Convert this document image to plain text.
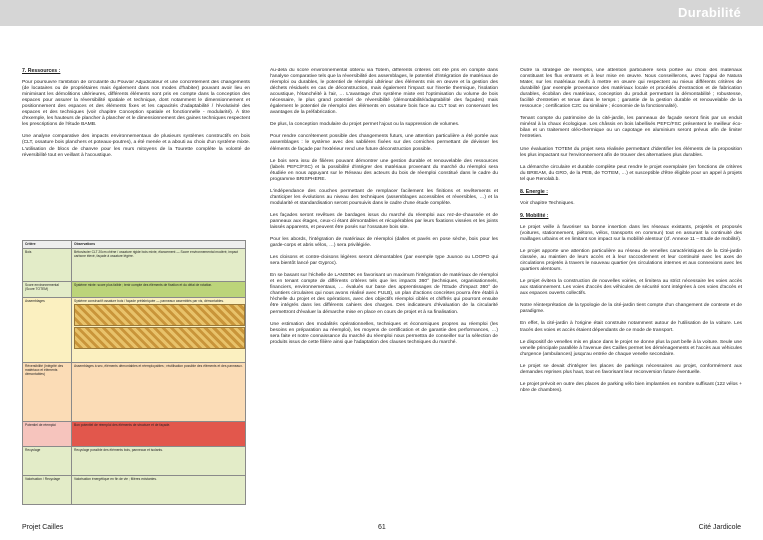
Durabilité
7. Ressources :

Pour poursuivre l'ambition de circularité du Pouvoir Adjudicateur et une concrétement des changements (de locataires ou de propriétaires mais également dans nos modes d'habiter) pouvant avoir lieu en minimisant les démolitions ultérieures, différents éléments sont pris en compte dans la conception des espaces pour assurer la réversibilité spatiale et technique, dont notamment le dimensionnement et positionnement des espaces et des éléments fixes et les capacités d'adaptabilité / l'évolutivité des espaces et des techniques (voir chapitre Conception spatiale et fonctionnelle - modularité). À titre d'exemple, les hauteurs de plancher à plancher et le dimensionnement des gaines techniques respectent les prescriptions de l'étude BAMB.

Une analyse comparative des impacts environnementaux de plusieurs systèmes constructifs en bois (CLT, ossature bois planchers et poteaux-poutres), a été menée et a abouti au choix d'un système mixte. L'utilisation de blocs de chanvre pour les murs mitoyens de la Tourette complète la volonté de réversibilité tout en veillant à l'acoustique.

Critère	Observations
Bois	Béton/acier CLT 20cm chêne / ossature rigide bois mixte, élancement — Score environnemental modéré, impact carbone élevé, façade à ossature légère.
Score environnemental (Score TOTEM)	Système mixte: score plus faible ; tenir compte des éléments de fixation et du délai de rotation.
Assemblages	Système constructif ossature bois / façade préfabriquée — panneaux assemblés par vis, démontables.

Réversibilité (Intégrité des matériaux et éléments démontables)	Assemblages à sec, éléments démontables et réemployables ; réutilisation possible des éléments et des panneaux.
Potentiel de réemploi	Bon potentiel de réemploi des éléments de structure et de façade.
Recyclage	Recyclage possible des éléments bois, panneaux et isolants.
Valorisation / Recyclage	Valorisation énergétique en fin de vie ; filières existantes.

Au-delà du score environnemental obtenu via Totem, différents critères ont été pris en compte dans l'analyse comparative tels que la réversibilité des assemblages, le potentiel d'intégration de matériaux de réemploi ou durables, le potentiel de réemploi ultérieur des éléments mis en œuvre et la gestion des déchets résiduels en cas de déconstruction, mais également l'impact sur l'inertie thermique, l'isolation acoustique, l'étanchéité à l'air, … L'avantage d'un système mixte est l'optimisation du volume de bois nécessaire, le plus grand potentiel de réversibilité (démontabilité/adaptabilité des façades) mais également le potentiel de réemploi des éléments en ossature bois face au CLT tout en conservant les avantages de la préfabrication.

De plus, la conception modulaire du projet permet l'ajout ou la suppression de volumes.

Pour rendre concrètement possible des changements futurs, une attention particulière a été portée aux assemblages : le système avec des sablières fixées sur des corniches permettant de dévisser les éléments de façade par l'extérieur rend une future déconstruction possible.

Le bois sera issu de filières pouvant démontrer une gestion durable et renouvelable des ressources (labels PEFC/FSC) et la possibilité d'intégrer des matériaux provenant du marché du réemploi sera étudiée en nous appuyant sur le Réseau des acteurs du bois de réemploi constitué dans le cadre du programme BRISPHERE.

L'indépendance des couches permettant de remplacer facilement les finitions et revêtements et d'anticiper les évolutions au niveau des techniques (assemblages accessibles et réversibles, …) et la modularité et standardisation seront poursuivis dans le cadre d'une étude complète.

Les façades seront revêtues de bardages issus du marché du réemploi aux rez-de-chaussée et de panneaux aux étages, ceux-ci étant démontables et récupérables par leurs fixations vissées et les joints laissés apparents, et peuvent être posés sur l'ossature bois site.

Pour les abords, l'intégration de matériaux de réemploi (dalles et pavés en pose sèche, bois pour les garde-corps et abris vélos, …) sera privilégiée.

Les cloisons et contre-cloisons légères seront démontables (par exemple type Juunoo ou LOOPO qui sera bientôt lancé par Gyproc).

En se basant sur l'échelle de LANSINK en favorisant un maximum l'intégration de matériaux de réemploi et en tenant compte de différents critères tels que les impacts 360° (techniques, organisationnels, financiers, environnementaux, … évalués sur base des apprentissages de l'Etude d'impact 360° de chantiers circulaires qui nous avons réalisé avec FULB), un plan d'actions concrètes pourra être établi à l'échelle du projet et des opérations, avec des objectifs réemploi ciblés et chiffrés qui pourront ensuite être intégrés dans les différents cahiers des charges. Des indicateurs d'évaluation de la circularité permettront d'évaluer la démarche mise en place en cours de projet et à sa finalisation.

Une estimation des modalités opérationnelles, techniques et économiques propres au réemploi (les besoins en préparation au réemploi), les moyens de certification et de garantie des performances, …) sera faite et notre connaissance du marché du réemploi nous permettra de conseiller sur la sélection de produits issus de cette filière ainsi que l'adaptation des clauses techniques du marché.

Outre la stratégie de réemploi, une attention particulière sera portée au choix des matériaux constituant les flux entrants et à leur mise en œuvre. Nous conseillerons, avec l'appui de Natura Mater, sur les matériaux neufs à mettre en œuvre qui respectent au mieux différents critères de durabilité (par exemple provenance des matériaux locale et procédés d'extraction et de fabrication durables, écobilan des matériaux, conception du produit permettant la démontabilité ; robustesse, facilité d'entretien et tenue dans le temps ; garantie de la gestion durable et renouvelable de la ressource ; certification C2C ou similaire ; économie de la fonctionnalité).

Tenant compte du patrimoine de la cité-jardin, les panneaux de façade seront finis par un enduit minéral à la chaux écologique. Les châssis en bois labellisés PEFC/FSC présentent le meilleur éco-bilan et un traitement oléo-thermique ou un capotage en aluminium seront prévus afin de limiter l'entretien.

Une évaluation TOTEM du projet sera réalisée permettant d'identifier les éléments de la proposition les plus impactant sur l'environnement afin de trouver des alternatives plus durables.

La démarche circulaire et durable complète peut rendre le projet exemplaire (en fonctions de critères du BRIEAM, du GRO, de la PEB, de TOTEM, …) et susceptible d'être éligible pour un appel à projets tel que Renolab.b.

8. Energie :

Voir chapitre Techniques.

9. Mobilité :

Le projet veille à favoriser sa bonne insertion dans les réseaux existants, projetés et proposés (voitures, stationnement, piétons, vélos, transports en commun) tout en assurant la continuité des maillages urbains et en limitant son impact sur la mobilité alentour (cf. Annexe 11 – Etude de mobilité).

Le projet apporte une attention particulière au réseau de venelles caractéristiques de la Cité-jardin classée, au maintien de leurs accès et à leur raccordement et leur continuité avec les axes de circulations projetés à travers le nouveau quartier (en circulations internes et aux connexions avec les quartiers alentours.

Le projet évitera la construction de nouvelles voiries, et limitera au strict nécessaire les voies accès aux stationnement. Les voies d'accès des véhicules de sécurité sont intégrées à ces voies d'accès et aux espaces ouverts collectifs.

Notre réinterprétation de la typologie de la cité-jardin tient compte d'un changement de contexte et de paradigme.

En effet, la cité-jardin à l'origine était construite notamment autour de l'utilisation de la voiture. Les tracés des voies et accès étaient dépendants de ce mode de transport.

Le dispositif de venelles mis en place dans le projet ne donne plus la part belle à la voiture. Seule une venelle principale parallèle à l'avenue des Cailles permet les déménagements et l'accès aux véhicules d'urgence (ambulances) jusqu'au entrée de chaque venelle secondaire.

Le projet se devait d'intégrer les places de parkings nécessaires au projet, conformément aux demandes reprises plus haut, tout en favorisant leur reconversion future éventuelle.

Le projet prévoit en outre des places de parking vélo bien implantées en nombre suffisant (122 vélos + nbre de chambres).

Projet Cailles	61	Cité Jardicole
